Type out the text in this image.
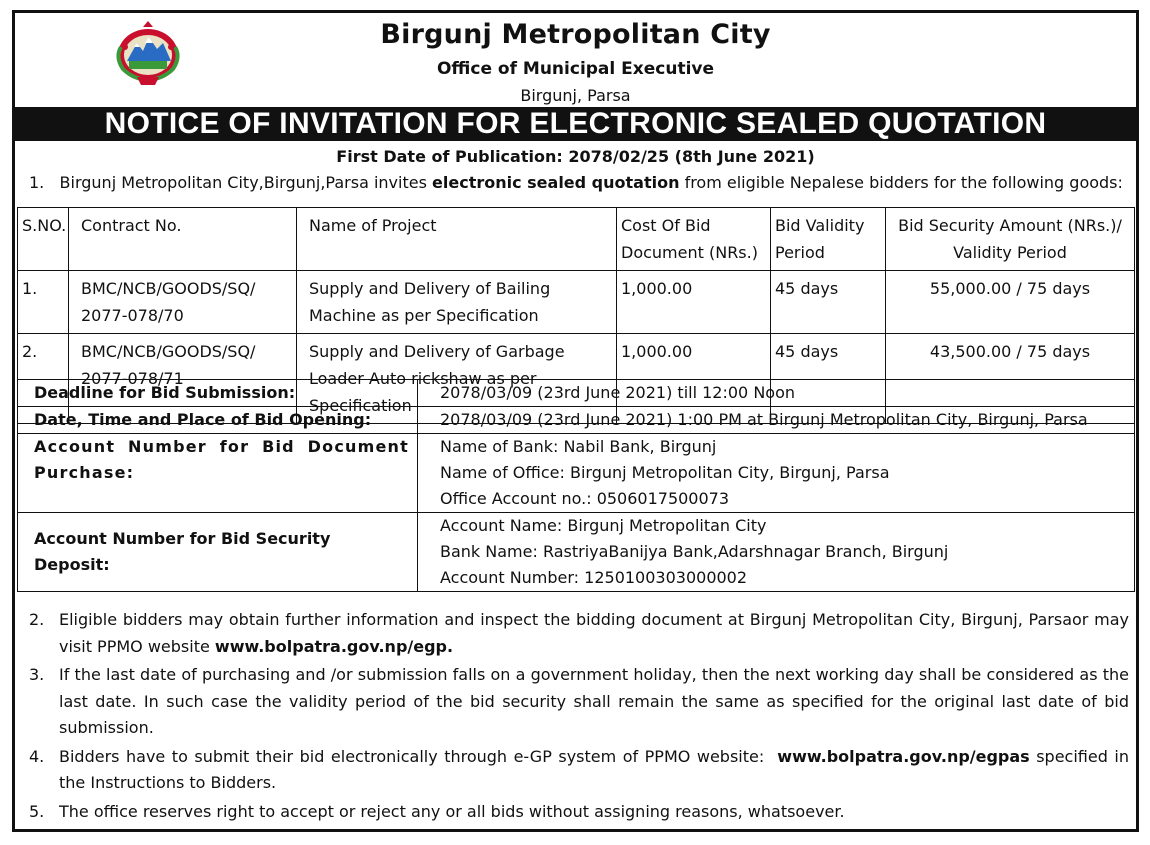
Birgunj Metropolitan City
Office of Municipal Executive
Birgunj, Parsa
NOTICE OF INVITATION FOR ELECTRONIC SEALED QUOTATION
First Date of Publication: 2078/02/25 (8th June 2021)
1. Birgunj Metropolitan City,Birgunj,Parsa invites electronic sealed quotation from eligible Nepalese bidders for the following goods:
S.NO.	Contract No.	Name of Project	Cost Of Bid Document (NRs.)	Bid Validity Period	Bid Security Amount (NRs.)/ Validity Period
1.	BMC/NCB/GOODS/SQ/ 2077-078/70	Supply and Delivery of Bailing Machine as per Specification	1,000.00	45 days	55,000.00 / 75 days
2.	BMC/NCB/GOODS/SQ/ 2077-078/71	Supply and Delivery of Garbage Loader Auto rickshaw as per Specification	1,000.00	45 days	43,500.00 / 75 days
Deadline for Bid Submission:	2078/03/09 (23rd June 2021) till 12:00 Noon
Date, Time and Place of Bid Opening:	2078/03/09 (23rd June 2021) 1:00 PM at Birgunj Metropolitan City, Birgunj, Parsa
Account Number for Bid Document Purchase:	Name of Bank: Nabil Bank, Birgunj
Name of Office: Birgunj Metropolitan City, Birgunj, Parsa
Office Account no.: 0506017500073

Account Number for Bid Security Deposit:	Account Name: Birgunj Metropolitan City
Bank Name: RastriyaBanijya Bank,Adarshnagar Branch, Birgunj
Account Number: 1250100303000002
2. Eligible bidders may obtain further information and inspect the bidding document at Birgunj Metropolitan City, Birgunj, Parsaor may visit PPMO website www.bolpatra.gov.np/egp.
3. If the last date of purchasing and /or submission falls on a government holiday, then the next working day shall be considered as the last date. In such case the validity period of the bid security shall remain the same as specified for the original last date of bid submission.
4. Bidders have to submit their bid electronically through e-GP system of PPMO website:  www.bolpatra.gov.np/egpas specified in the Instructions to Bidders.
5. The office reserves right to accept or reject any or all bids without assigning reasons, whatsoever.
